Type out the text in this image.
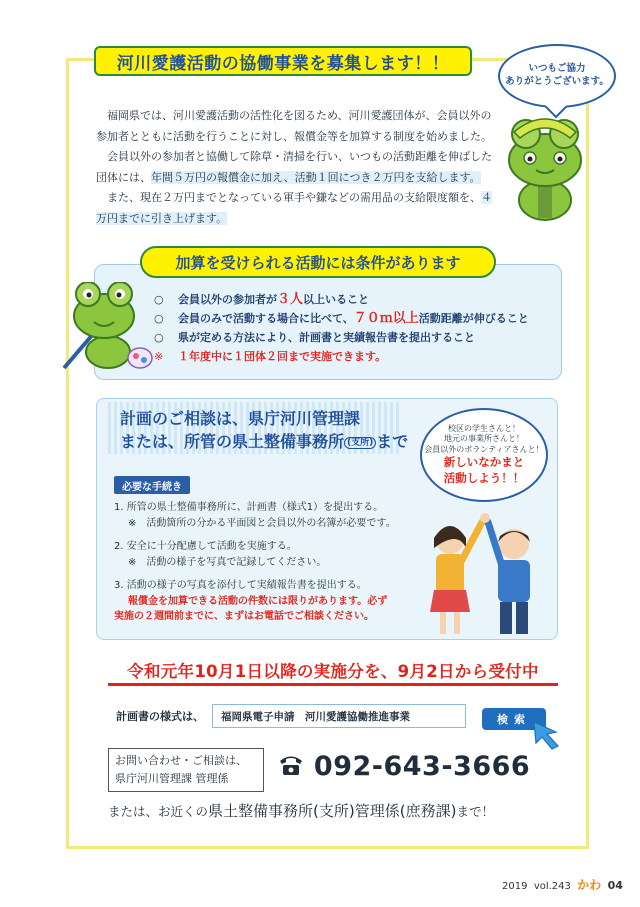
河川愛護活動の協働事業を募集します！！	いつもご協力
ありがとうございます。

福岡県では、河川愛護活動の活性化を図るため、河川愛護団体が、会員以外の参加者とともに活動を行うことに対し、報償金等を加算する制度を始めました。

会員以外の参加者と協働して除草・清掃を行い、いつもの活動距離を伸ばした団体には、年間５万円の報償金に加え、活動１回につき２万円を支給します。

また、現在２万円までとなっている軍手や鎌などの需用品の支給限度額を、４万円までに引き上げます。

加算を受けられる活動には条件があります
○ 会員以外の参加者が３人以上いること
○ 会員のみで活動する場合に比べて、７０ｍ以上活動距離が伸びること
○ 県が定める方法により、計画書と実績報告書を提出すること
※ １年度中に１団体２回まで実施できます。
計画のご相談は、県庁河川管理課
または、所管の県土整備事務所 (支所) まで
校区の学生さんと！
地元の事業所さんと！
会員以外のボランティアさんと！
新しいなかまと
活動しよう！！
必要な手続き
1. 所管の県土整備事務所に、計画書（様式1）を提出する。
※　活動箇所の分かる平面図と会員以外の名簿が必要です。
2. 安全に十分配慮して活動を実施する。
※　活動の様子を写真で記録してください。
3. 活動の様子の写真を添付して実績報告書を提出する。
報償金を加算できる活動の件数には限りがあります。必ず
実施の２週間前までに、まずはお電話でご相談ください。
令和元年10月1日以降の実施分を、9月2日から受付中
計画書の様式は、	福岡県電子申請　河川愛護協働推進事業	検索
お問い合わせ・ご相談は、
県庁河川管理課 管理係	092-643-3666
または、お近くの県土整備事務所(支所)管理係(庶務課)まで！
2019 vol.243 かわ 04
